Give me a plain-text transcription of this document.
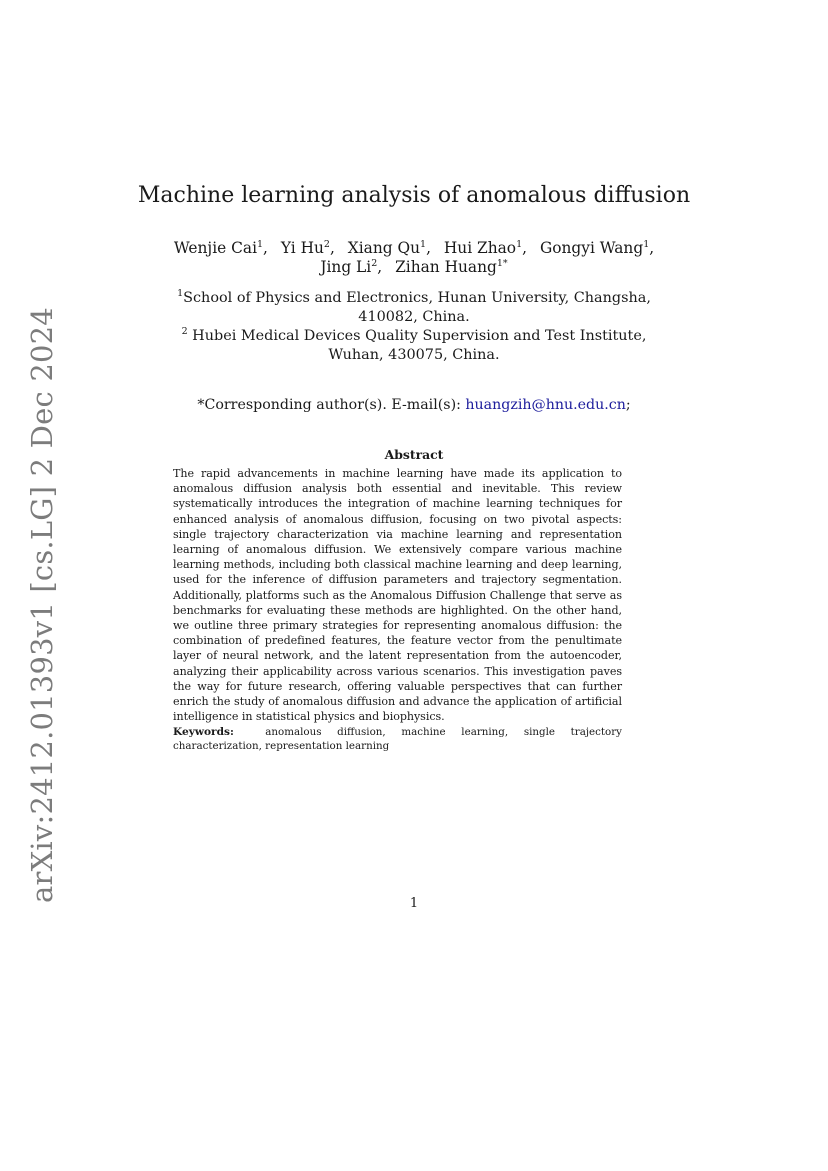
arXiv:2412.01393v1 [cs.LG] 2 Dec 2024
Machine learning analysis of anomalous diffusion
Wenjie Cai$^1$, Yi Hu$^2$, Xiang Qu$^1$, Hui Zhao$^1$, Gongyi Wang$^1$,
Jing Li$^2$, Zihan Huang$^{1*}$
$^1$School of Physics and Electronics, Hunan University, Changsha,
410082, China.
$^2$ Hubei Medical Devices Quality Supervision and Test Institute,
Wuhan, 430075, China.
*Corresponding author(s). E-mail(s): huangzih@hnu.edu.cn;
Abstract

The rapid advancements in machine learning have made its application to anomalous diffusion analysis both essential and inevitable. This review systematically introduces the integration of machine learning techniques for enhanced analysis of anomalous diffusion, focusing on two pivotal aspects: single trajectory characterization via machine learning and representation learning of anomalous diffusion. We extensively compare various machine learning methods, including both classical machine learning and deep learning, used for the inference of diffusion parameters and trajectory segmentation. Additionally, platforms such as the Anomalous Diffusion Challenge that serve as benchmarks for evaluating these methods are highlighted. On the other hand, we outline three primary strategies for representing anomalous diffusion: the combination of predefined features, the feature vector from the penultimate layer of neural network, and the latent representation from the autoencoder, analyzing their applicability across various scenarios. This investigation paves the way for future research, offering valuable perspectives that can further enrich the study of anomalous diffusion and advance the application of artificial intelligence in statistical physics and biophysics.

Keywords:	anomalous diffusion, machine learning, single trajectory characterization, representation learning
1
